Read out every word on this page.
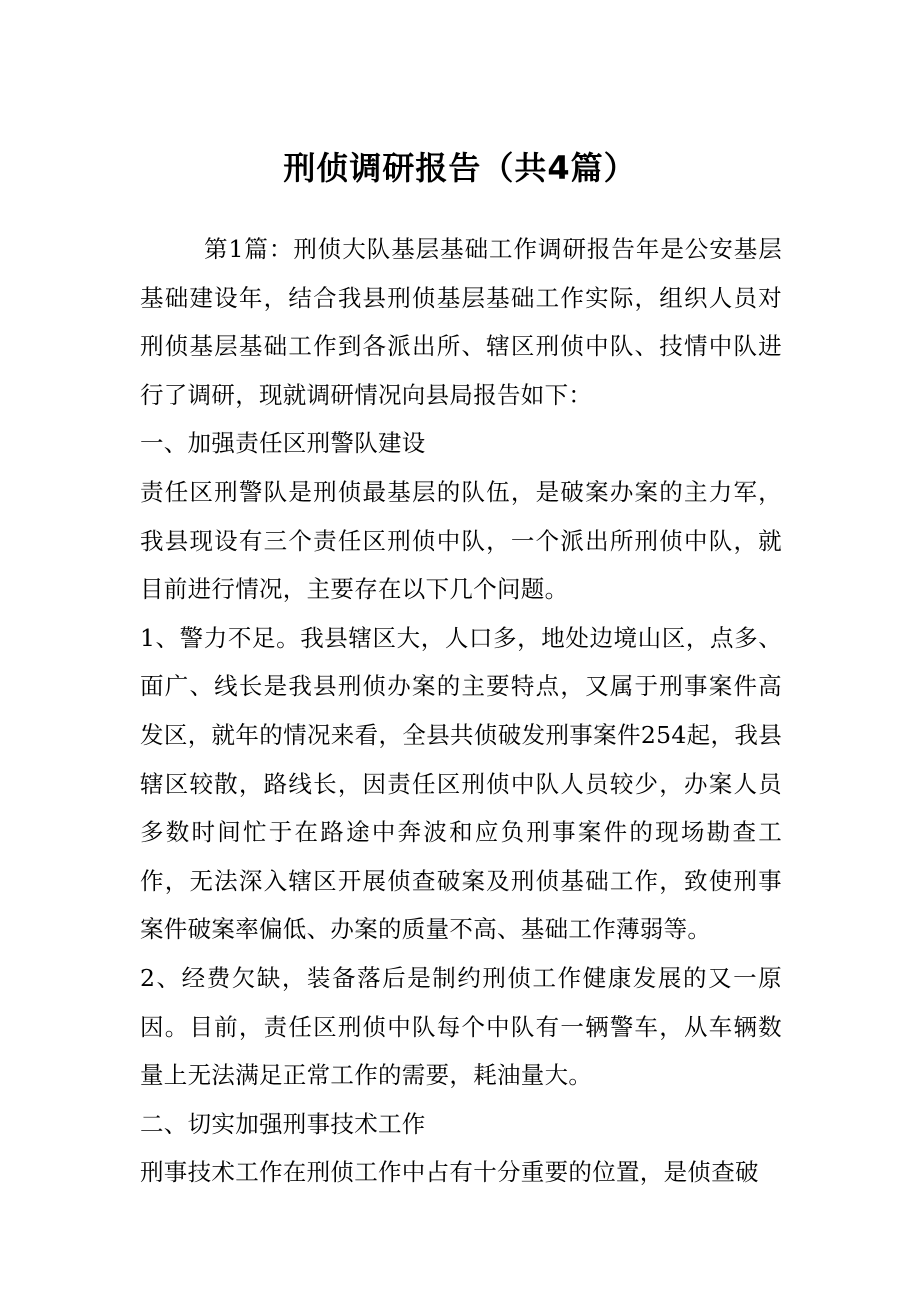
刑侦调研报告（共4篇）

第1篇：刑侦大队基层基础工作调研报告年是公安基层基础建设年，结合我县刑侦基层基础工作实际，组织人员对刑侦基层基础工作到各派出所、辖区刑侦中队、技情中队进行了调研，现就调研情况向县局报告如下：

一、加强责任区刑警队建设

责任区刑警队是刑侦最基层的队伍，是破案办案的主力军，我县现设有三个责任区刑侦中队，一个派出所刑侦中队，就目前进行情况，主要存在以下几个问题。

1、警力不足。我县辖区大，人口多，地处边境山区，点多、面广、线长是我县刑侦办案的主要特点，又属于刑事案件高发区，就年的情况来看，全县共侦破发刑事案件254起，我县辖区较散，路线长，因责任区刑侦中队人员较少，办案人员多数时间忙于在路途中奔波和应负刑事案件的现场勘查工作，无法深入辖区开展侦查破案及刑侦基础工作，致使刑事案件破案率偏低、办案的质量不高、基础工作薄弱等。

2、经费欠缺，装备落后是制约刑侦工作健康发展的又一原因。目前，责任区刑侦中队每个中队有一辆警车，从车辆数量上无法满足正常工作的需要，耗油量大。

二、切实加强刑事技术工作

刑事技术工作在刑侦工作中占有十分重要的位置，是侦查破
